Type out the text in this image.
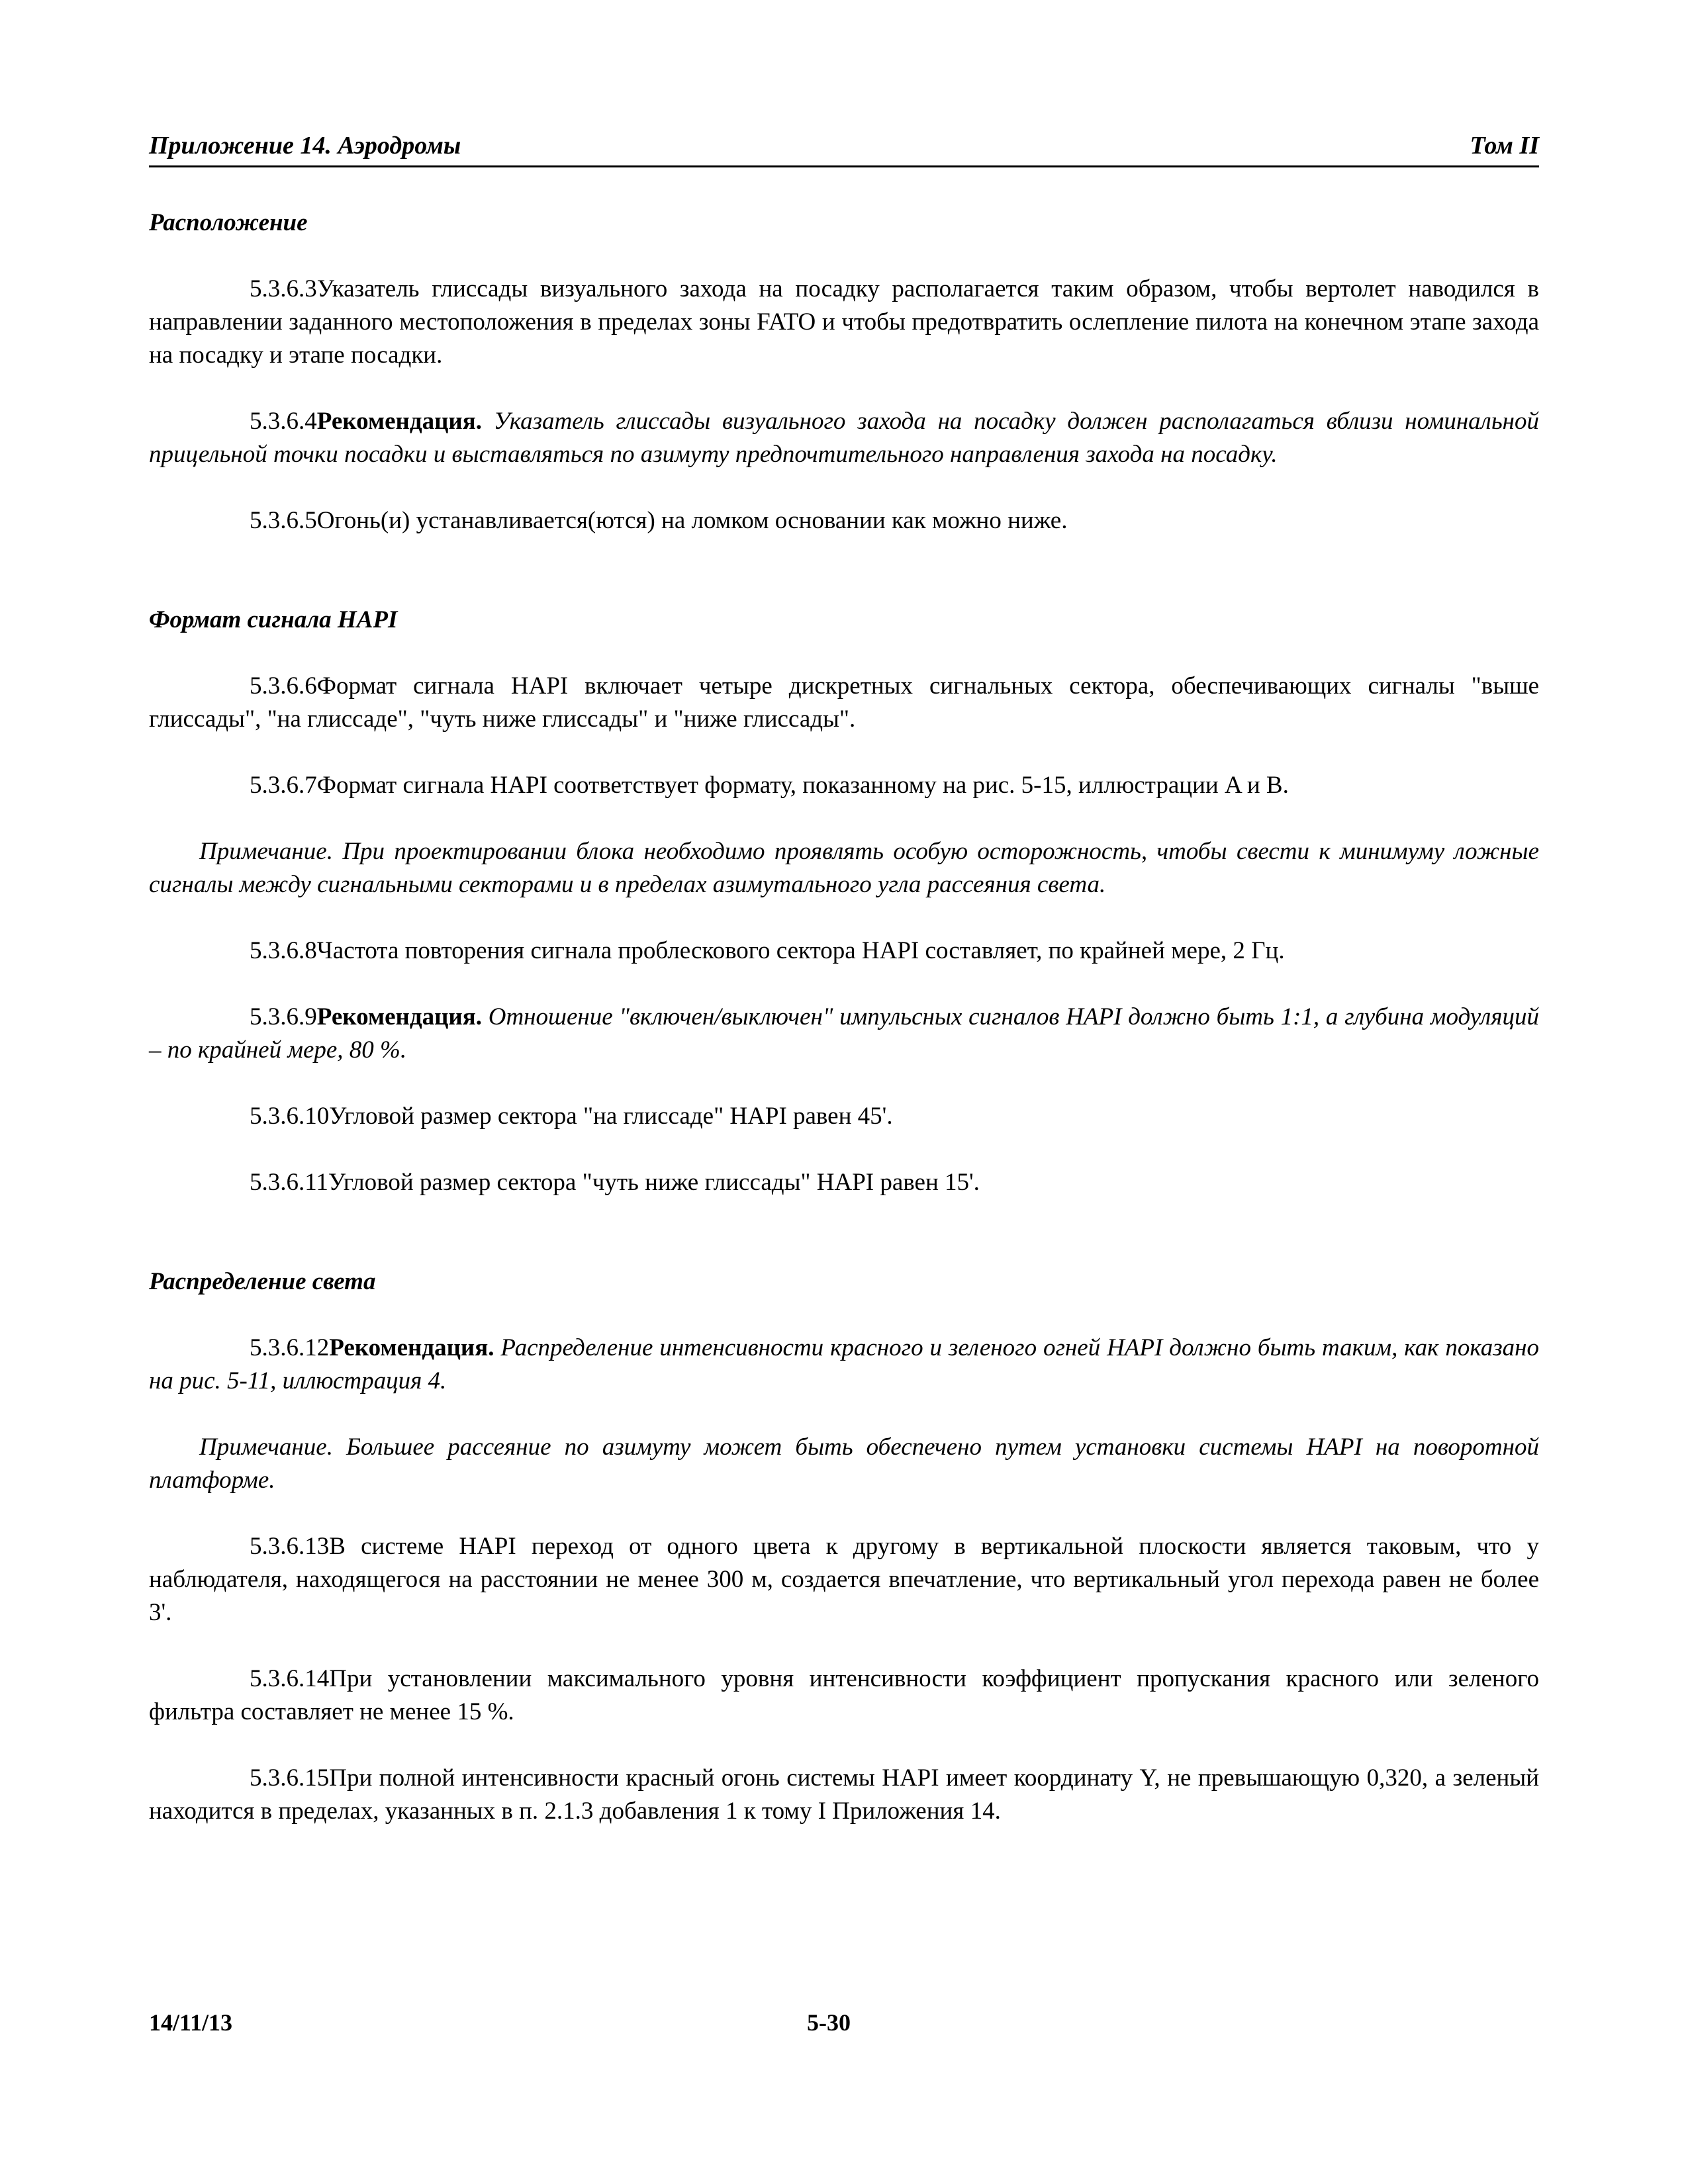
Приложение 14. Аэродромы	Том II
Расположение

5.3.6.3Указатель глиссады визуального захода на посадку располагается таким образом, чтобы вертолет наводился в направлении заданного местоположения в пределах зоны FATO и чтобы предотвратить ослепление пилота на конечном этапе захода на посадку и этапе посадки.

5.3.6.4Рекомендация. Указатель глиссады визуального захода на посадку должен располагаться вблизи номинальной прицельной точки посадки и выставляться по азимуту предпочтительного направления захода на посадку.

5.3.6.5Огонь(и) устанавливается(ются) на ломком основании как можно ниже.

Формат сигнала HAPI

5.3.6.6Формат сигнала HAPI включает четыре дискретных сигнальных сектора, обеспечивающих сигналы "выше глиссады", "на глиссаде", "чуть ниже глиссады" и "ниже глиссады".

5.3.6.7Формат сигнала HAPI соответствует формату, показанному на рис. 5-15, иллюстрации A и B.

Примечание. При проектировании блока необходимо проявлять особую осторожность, чтобы свести к минимуму ложные сигналы между сигнальными секторами и в пределах азимутального угла рассеяния света.

5.3.6.8Частота повторения сигнала проблескового сектора HAPI составляет, по крайней мере, 2 Гц.

5.3.6.9Рекомендация. Отношение "включен/выключен" импульсных сигналов HAPI должно быть 1:1, а глубина модуляций – по крайней мере, 80 %.

5.3.6.10Угловой размер сектора "на глиссаде" HAPI равен 45'.

5.3.6.11Угловой размер сектора "чуть ниже глиссады" HAPI равен 15'.

Распределение света

5.3.6.12Рекомендация. Распределение интенсивности красного и зеленого огней HAPI должно быть таким, как показано на рис. 5-11, иллюстрация 4.

Примечание. Большее рассеяние по азимуту может быть обеспечено путем установки системы HAPI на поворотной платформе.

5.3.6.13В системе HAPI переход от одного цвета к другому в вертикальной плоскости является таковым, что у наблюдателя, находящегося на расстоянии не менее 300 м, создается впечатление, что вертикальный угол перехода равен не более 3'.

5.3.6.14При установлении максимального уровня интенсивности коэффициент пропускания красного или зеленого фильтра составляет не менее 15 %.

5.3.6.15При полной интенсивности красный огонь системы HAPI имеет координату Y, не превышающую 0,320, а зеленый находится в пределах, указанных в п. 2.1.3 добавления 1 к тому I Приложения 14.

14/11/13	5-30
